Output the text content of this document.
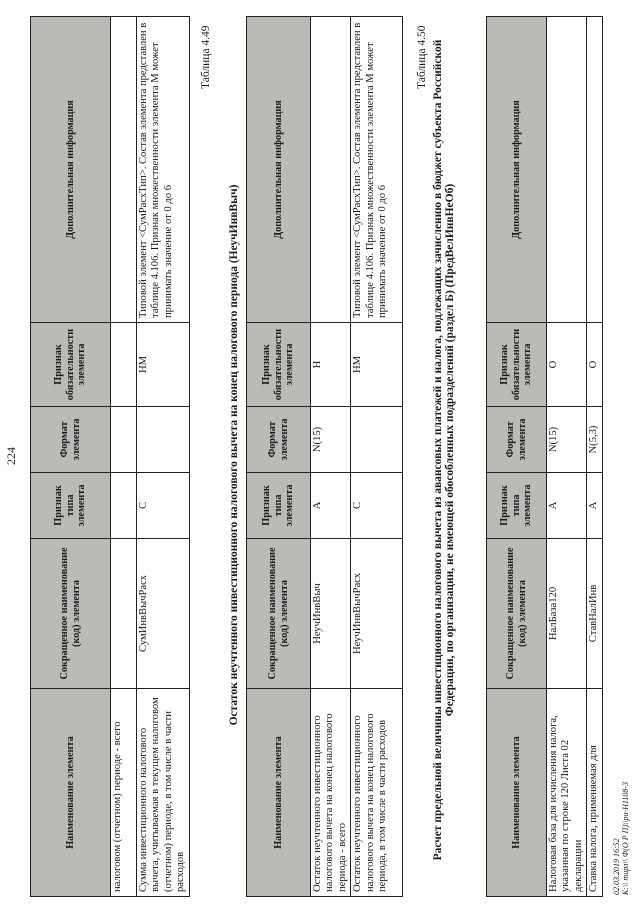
224
Наименование элемента	Сокращенное наименование (код) элемента	Признак типа элемента	Формат элемента	Признак обязательности элемента	Дополнительная информация
налоговом (отчетном) периоде - всего					
Сумма инвестиционного налогового вычета, учитываемая в текущем налоговом (отчетном) периоде, в том числе в части расходов	СумИнвВычРасх	С		НМ	Типовой элемент <СумРасхТип>. Состав элемента представлен в таблице 4.106. Признак множественности элемента М может принимать значение от 0 до 6
Таблица 4.49
Остаток неучтенного инвестиционного налогового вычета на конец налогового периода (НеучИнвВыч)
Наименование элемента	Сокращенное наименование (код) элемента	Признак типа элемента	Формат элемента	Признак обязательности элемента	Дополнительная информация
Остаток неучтенного инвестиционного налогового вычета на конец налогового периода - всего	НеучИнвВыч	А	N(15)	Н	
Остаток неучтенного инвестиционного налогового вычета на конец налогового периода, в том числе в части расходов	НеучИнвВычРасх	С		НМ	Типовой элемент <СумРасхТип>. Состав элемента представлен в таблице 4.106. Признак множественности элемента М может принимать значение от 0 до 6
Таблица 4.50 Расчет предельной величины инвестиционного налогового вычета из авансовых платежей и налога, подлежащих зачислению в бюджет субъекта Российской Федерации, по организации, не имеющей обособленных подразделений (раздел Б) (ПредВелИнвНеОб)
Наименование элемента	Сокращенное наименование (код) элемента	Признак типа элемента	Формат элемента	Признак обязательности элемента	Дополнительная информация
Налоговая база для исчисления налога, указанная по строке 120 Листа 02 декларации	НалБаза120	А	N(15)	О	
Ставка налога, применяемая для	СтавНалИнв	А	N(5,3)	О	
02.03.2019 16:52 К:\\ тирл\\ Ф(О Р П)\\ри-Н1108-3
